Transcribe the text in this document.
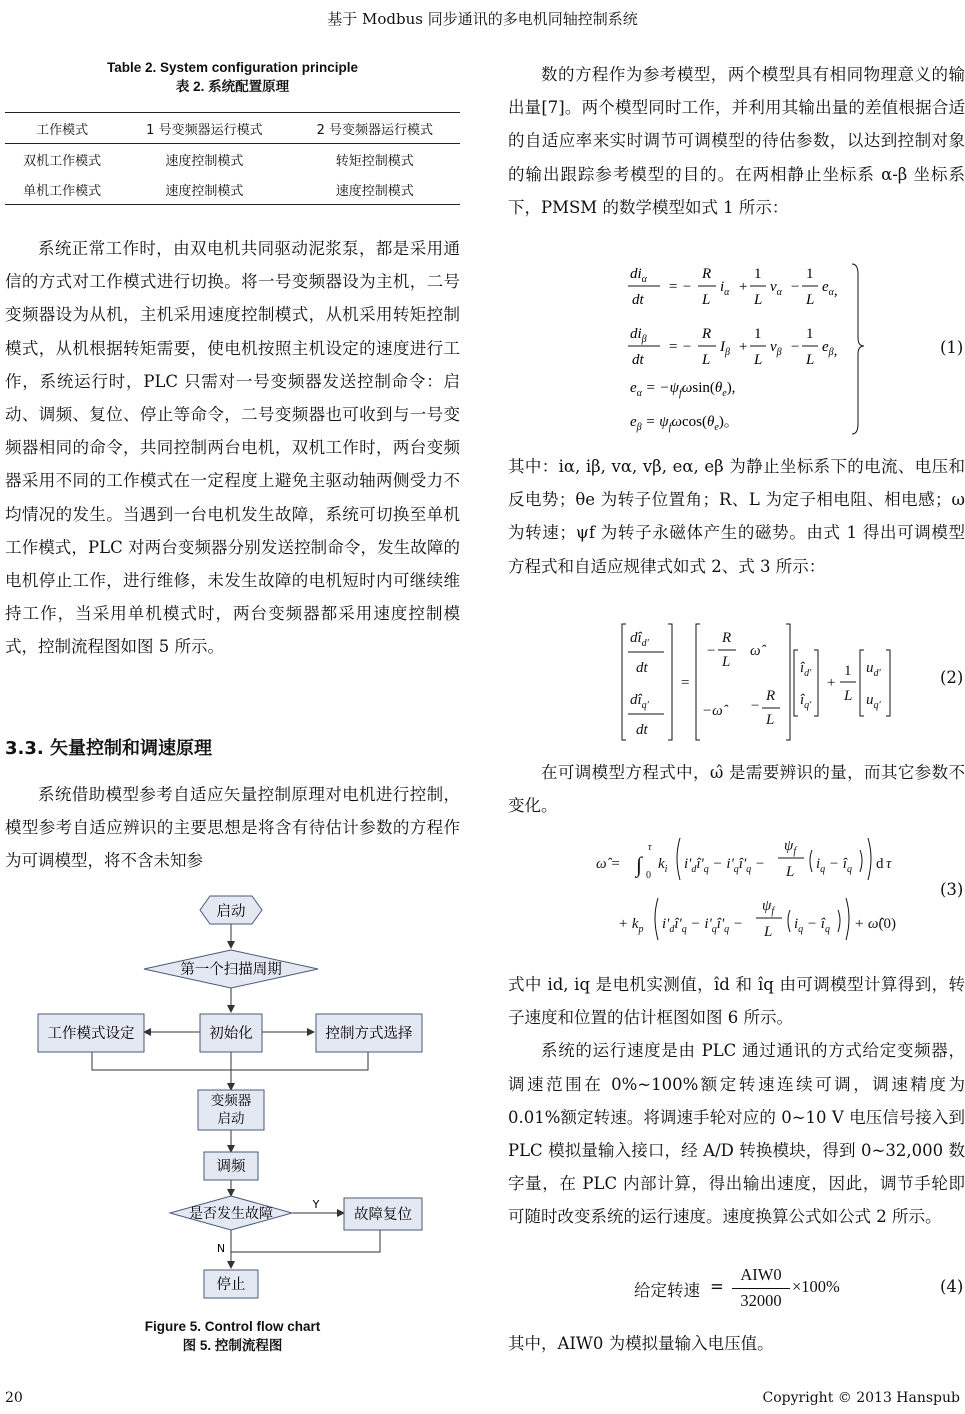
基于 Modbus 同步通讯的多电机同轴控制系统
Table 2. System configuration principle
表 2. 系统配置原理
工作模式	1 号变频器运行模式	2 号变频器运行模式
双机工作模式	速度控制模式	转矩控制模式
单机工作模式	速度控制模式	速度控制模式

系统正常工作时，由双电机共同驱动泥浆泵，都是采用通信的方式对工作模式进行切换。将一号变频器设为主机，二号变频器设为从机，主机采用速度控制模式，从机采用转矩控制模式，从机根据转矩需要，使电机按照主机设定的速度进行工作，系统运行时，PLC 只需对一号变频器发送控制命令：启动、调频、复位、停止等命令，二号变频器也可收到与一号变频器相同的命令，共同控制两台电机，双机工作时，两台变频器采用不同的工作模式在一定程度上避免主驱动轴两侧受力不均情况的发生。当遇到一台电机发生故障，系统可切换至单机工作模式，PLC 对两台变频器分别发送控制命令，发生故障的电机停止工作，进行维修，未发生故障的电机短时内可继续维持工作，当采用单机模式时，两台变频器都采用速度控制模式，控制流程图如图 5 所示。

3.3. 矢量控制和调速原理

系统借助模型参考自适应矢量控制原理对电机进行控制，模型参考自适应辨识的主要思想是将含有待估计参数的方程作为可调模型，将不含未知参

启动
第一个扫描周期
初始化
工作模式设定	控制方式选择
变频器
启动
调频
是否发生故障
Y
N
故障复位
停止
Figure 5. Control flow chart
图 5. 控制流程图

数的方程作为参考模型，两个模型具有相同物理意义的输出量[7]。两个模型同时工作，并利用其输出量的差值根据合适的自适应率来实时调节可调模型的待估参数，以达到控制对象的输出跟踪参考模型的目的。在两相静止坐标系 α-β 坐标系下，PMSM 的数学模型如式 1 所示：

$di_\alpha$
dt
= −
R
L
$i_\alpha$ +
1
L
$v_\alpha$ −
1
L
$e_\alpha$,
$di_\beta$
dt
= −
R
L
$I_\beta$ +
1
L
$v_\beta$ −
1
L
$e_\beta$,
$e_\alpha = -\psi_f\omega\sin(\theta_e)$,
$e_\beta = \psi_f\omega\cos(\theta_e)$。
(1)

其中：iα, iβ, vα, vβ, eα, eβ 为静止坐标系下的电流、电压和反电势；θe 为转子位置角；R、L 为定子相电阻、相电感；ω 为转速；ψf 为转子永磁体产生的磁势。由式 1 得出可调模型方程式和自适应规律式如式 2、式 3 所示：

$dî_{d'}$
dt
$dî_{q'}$
dt
=
−
R
L
ω̂
−ω̂	−
R
L
$î_{d'}$
$î_{q'}$
+
1
L
$u_{d'}$
$u_{q'}$
(2)

在可调模型方程式中，ω̂ 是需要辨识的量，而其它参数不变化。

ω̂ = ∫
τ
0
$k_i$ $i'_dî'_q$ − $i'_qî'_q$ −
$\psi_f$
L $i_q$ − $î_q$ d τ
+ $k_p$ $i'_dî'_q$ − $i'_qî'_q$ −
$\psi_f$
L $i_q$ − $î_q$ + ω̂(0)
(3)

式中 id, iq 是电机实测值，îd 和 îq 由可调模型计算得到，转子速度和位置的估计框图如图 6 所示。

系统的运行速度是由 PLC 通过通讯的方式给定变频器，调速范围在 0%~100%额定转速连续可调，调速精度为 0.01%额定转速。将调速手轮对应的 0~10 V 电压信号接入到 PLC 模拟量输入接口，经 A/D 转换模块，得到 0~32,000 数字量，在 PLC 内部计算，得出输出速度，因此，调节手轮即可随时改变系统的运行速度。速度换算公式如公式 2 所示。

给定转速 =
AIW0
32000
×100%	(4)

其中，AIW0 为模拟量输入电压值。

20	Copyright © 2013 Hanspub
